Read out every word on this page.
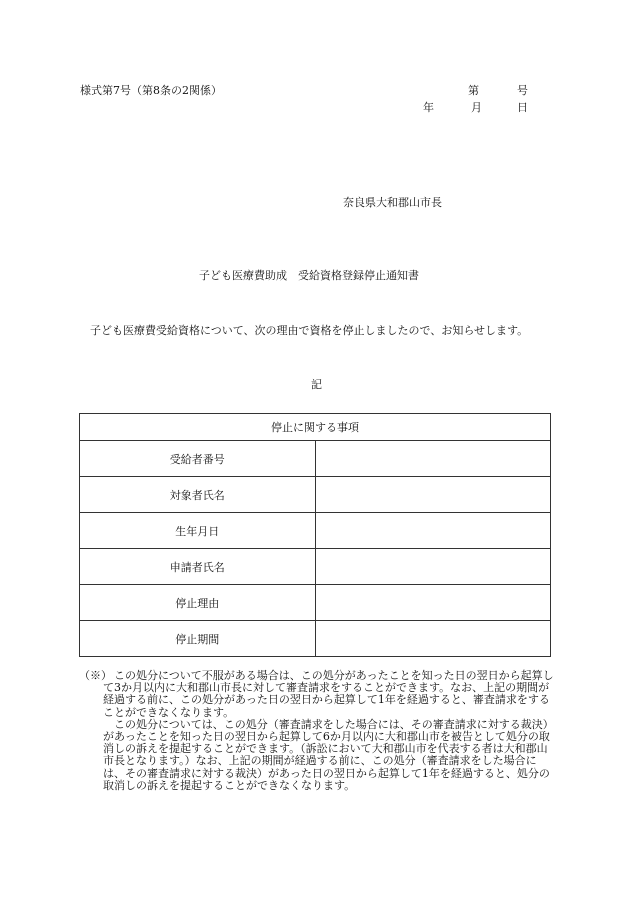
様式第7号（第8条の2関係）	第	号
年	月	日
奈良県大和郡山市長
子ども医療費助成　受給資格登録停止通知書
子ども医療費受給資格について、次の理由で資格を停止しましたので、お知らせします。
記
停止に関する事項	
受給者番号	
対象者氏名	
生年月日	
申請者氏名	
停止理由	
停止期間	

（※）
　この処分について不服がある場合は、この処分があったことを知った日の翌日から起算して3か月以内に大和郡山市長に対して審査請求をすることができます。なお、上記の期間が経過する前に、この処分があった日の翌日から起算して1年を経過すると、審査請求をすることができなくなります。

　この処分については、この処分（審査請求をした場合には、その審査請求に対する裁決）があったことを知った日の翌日から起算して6か月以内に大和郡山市を被告として処分の取消しの訴えを提起することができます。（訴訟において大和郡山市を代表する者は大和郡山市長となります。）なお、上記の期間が経過する前に、この処分（審査請求をした場合には、その審査請求に対する裁決）があった日の翌日から起算して1年を経過すると、処分の取消しの訴えを提起することができなくなります。
